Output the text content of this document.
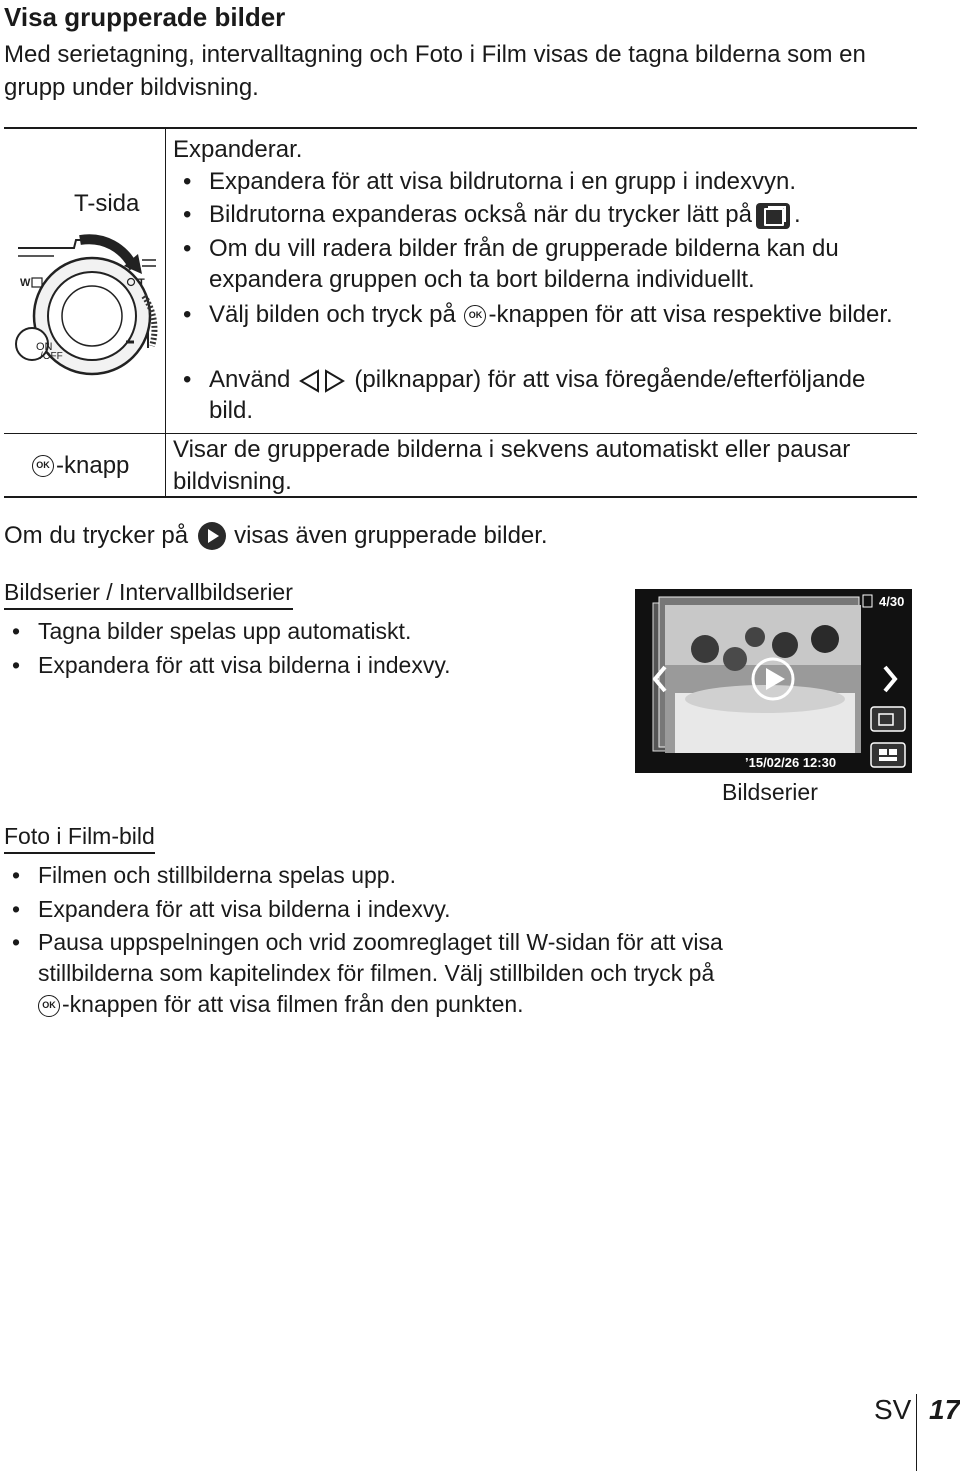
Visa grupperade bilder
Med serietagning, intervalltagning och Foto i Film visas de tagna bilderna som en grupp under bildvisning.
T-sida
W	T
ON
/OFF
OK -knapp
Expanderar.
• Expandera för att visa bildrutorna i en grupp i indexvyn.
• Bildrutorna expanderas också när du trycker lätt på .
• Om du vill radera bilder från de grupperade bilderna kan du expandera gruppen och ta bort bilderna individuellt.
• Välj bilden och tryck på OK -knappen för att visa respektive bilder.
• Använd	(pilknappar) för att visa föregående/efterföljande bild.
Visar de grupperade bilderna i sekvens automatiskt eller pausar bildvisning.
Om du trycker på visas även grupperade bilder.
Bildserier / Intervallbildserier
• Tagna bilder spelas upp automatiskt.
• Expandera för att visa bilderna i indexvy.
4/30
’15/02/26 12:30
Bildserier
Foto i Film-bild
• Filmen och stillbilderna spelas upp.
• Expandera för att visa bilderna i indexvy.
• Pausa uppspelningen och vrid zoomreglaget till W-sidan för att visa stillbilderna som kapitelindex för filmen. Välj stillbilden och tryck på
OK -knappen för att visa filmen från den punkten.
SV 17
